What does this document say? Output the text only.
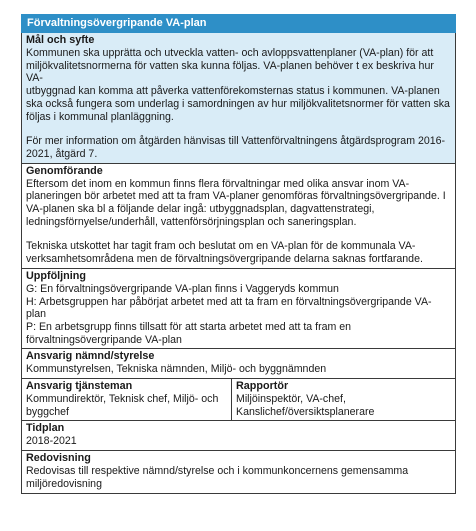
Förvaltningsövergripande VA-plan
Mål och syfte
Kommunen ska upprätta och utveckla vatten- och avloppsvattenplaner (VA-plan) för att
miljökvalitetsnormerna för vatten ska kunna följas. VA-planen behöver t ex beskriva hur VA-
utbyggnad kan komma att påverka vattenförekomsternas status i kommunen. VA-planen
ska också fungera som underlag i samordningen av hur miljökvalitetsnormer för vatten ska
följas i kommunal planläggning.
För mer information om åtgärden hänvisas till Vattenförvaltningens åtgärdsprogram 2016-
2021, åtgärd 7.
Genomförande
Eftersom det inom en kommun finns flera förvaltningar med olika ansvar inom VA-
planeringen bör arbetet med att ta fram VA-planer genomföras förvaltningsövergripande. I
VA-planen ska bl a följande delar ingå: utbyggnadsplan, dagvattenstrategi,
ledningsförnyelse/underhåll, vattenförsörjningsplan och saneringsplan.
Tekniska utskottet har tagit fram och beslutat om en VA-plan för de kommunala VA-
verksamhetsområdena men de förvaltningsövergripande delarna saknas fortfarande.
Uppföljning
G: En förvaltningsövergripande VA-plan finns i Vaggeryds kommun
H: Arbetsgruppen har påbörjat arbetet med att ta fram en förvaltningsövergripande VA-plan
P: En arbetsgrupp finns tillsatt för att starta arbetet med att ta fram en
förvaltningsövergripande VA-plan
Ansvarig nämnd/styrelse
Kommunstyrelsen, Tekniska nämnden, Miljö- och byggnämnden
Ansvarig tjänsteman
Kommundirektör, Teknisk chef, Miljö- och
byggchef
Rapportör
Miljöinspektör, VA-chef,
Kanslichef/översiktsplanerare
Tidplan
2018-2021
Redovisning
Redovisas till respektive nämnd/styrelse och i kommunkoncernens gemensamma
miljöredovisning
